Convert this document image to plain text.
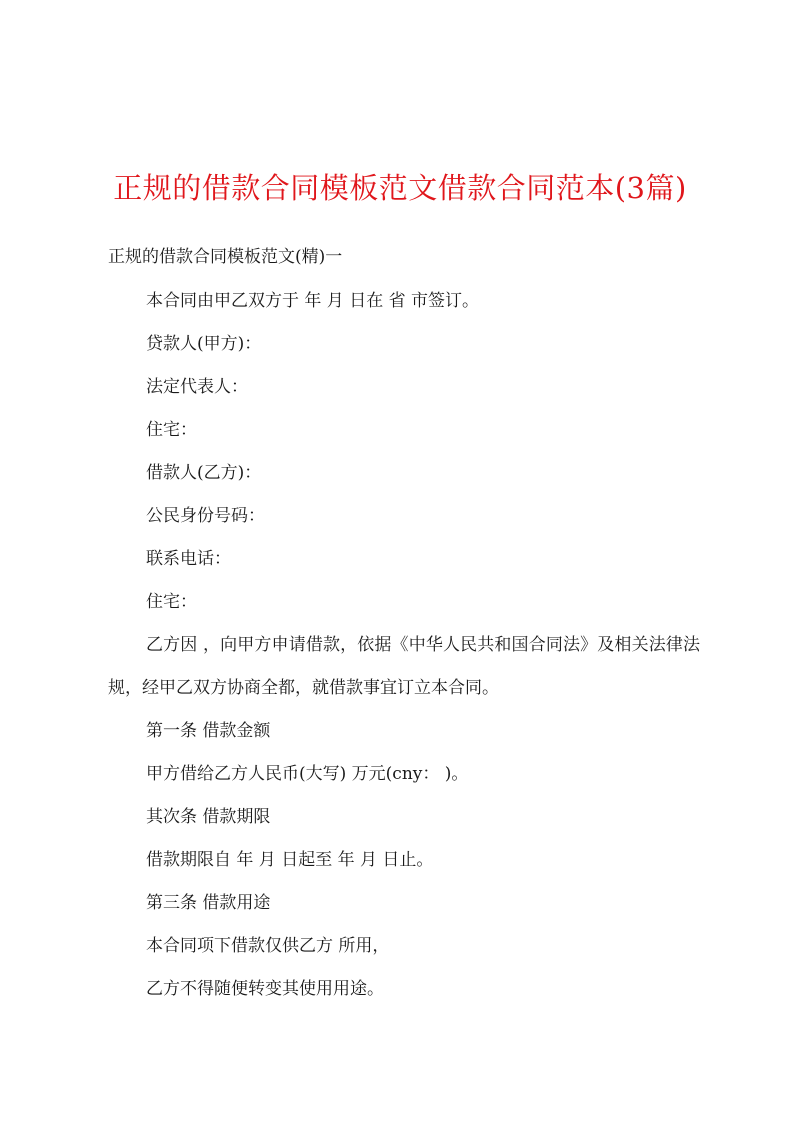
正规的借款合同模板范文借款合同范本(3篇)
正规的借款合同模板范文(精)一
本合同由甲乙双方于 年 月 日在 省 市签订。
贷款人(甲方)：
法定代表人：
住宅：
借款人(乙方)：
公民身份号码：
联系电话：
住宅：
乙方因 ，向甲方申请借款，依据《中华人民共和国合同法》及相关法律法规，经甲乙双方协商全都，就借款事宜订立本合同。
第一条 借款金额
甲方借给乙方人民币(大写) 万元(cny： )。
其次条 借款期限
借款期限自 年 月 日起至 年 月 日止。
第三条 借款用途
本合同项下借款仅供乙方 所用，
乙方不得随便转变其使用用途。
